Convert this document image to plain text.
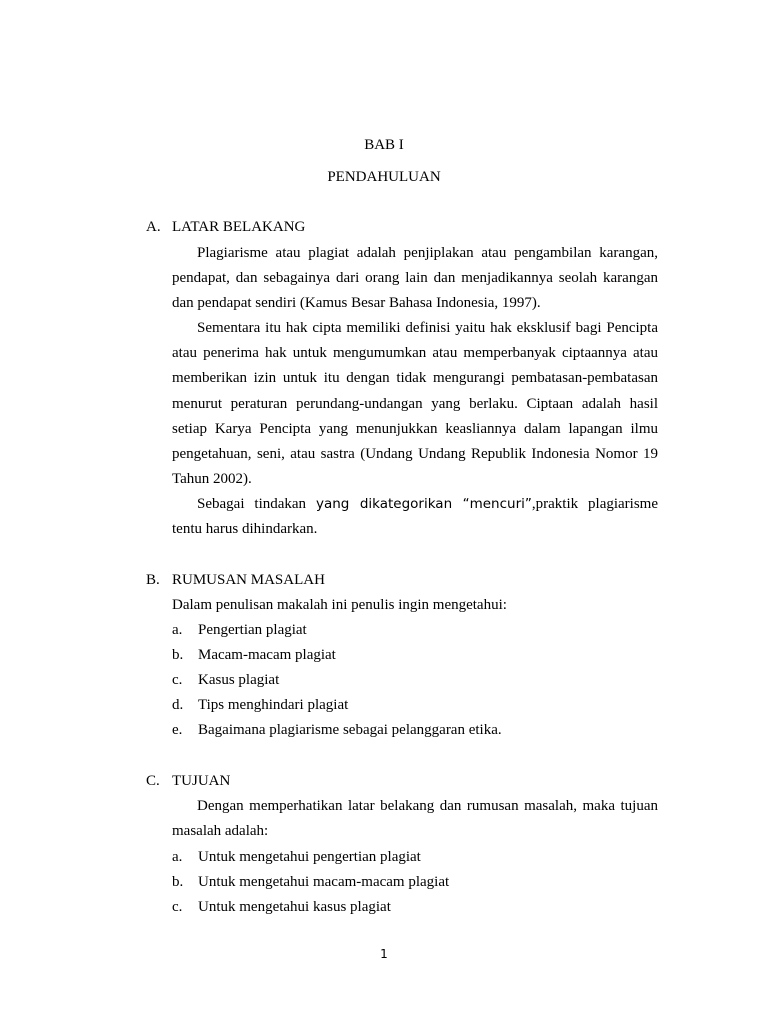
BAB I
PENDAHULUAN
A. LATAR BELAKANG

Plagiarisme atau plagiat adalah penjiplakan atau pengambilan karangan, pendapat, dan sebagainya dari orang lain dan menjadikannya seolah karangan dan pendapat sendiri (Kamus Besar Bahasa Indonesia, 1997).

Sementara itu hak cipta memiliki definisi yaitu hak eksklusif bagi Pencipta atau penerima hak untuk mengumumkan atau memperbanyak ciptaannya atau memberikan izin untuk itu dengan tidak mengurangi pembatasan-pembatasan menurut peraturan perundang-undangan yang berlaku. Ciptaan adalah hasil setiap Karya Pencipta yang menunjukkan keasliannya dalam lapangan ilmu pengetahuan, seni, atau sastra (Undang Undang Republik Indonesia Nomor 19 Tahun 2002).

Sebagai tindakan yang dikategorikan “mencuri”,praktik plagiarisme tentu harus dihindarkan.

B. RUMUSAN MASALAH
Dalam penulisan makalah ini penulis ingin mengetahui:
a. Pengertian plagiat
b. Macam-macam plagiat
c. Kasus plagiat
d. Tips menghindari plagiat
e. Bagaimana plagiarisme sebagai pelanggaran etika.
C. TUJUAN

Dengan memperhatikan latar belakang dan rumusan masalah, maka tujuan masalah adalah:

a. Untuk mengetahui pengertian plagiat
b. Untuk mengetahui macam-macam plagiat
c. Untuk mengetahui kasus plagiat
1
